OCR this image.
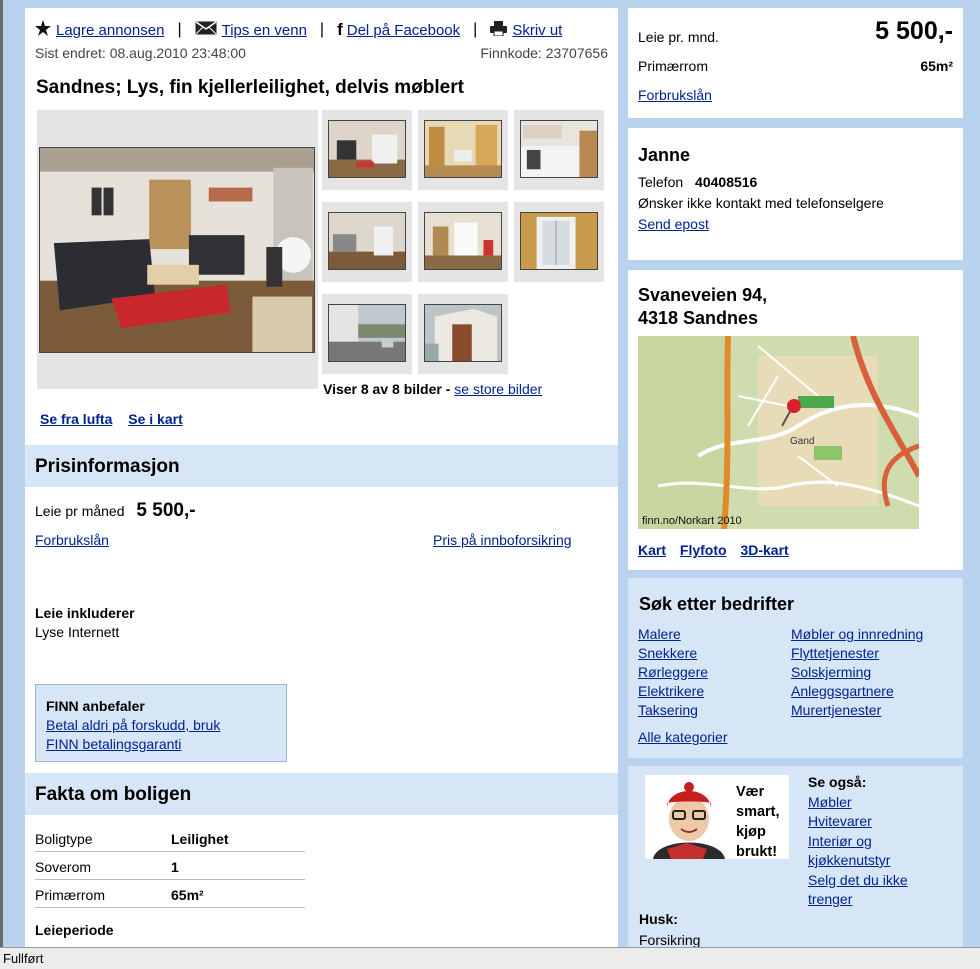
Lagre annonsen |	Tips en venn | f Del på Facebook | Skriv ut
Sist endret: 08.aug.2010 23:48:00	Finnkode: 23707656
Sandnes; Lys, fin kjellerleilighet, delvis møblert
Viser 8 av 8 bilder - se store bilder
Se fra lufta Se i kart
Prisinformasjon
Leie pr måned 5 500,-
Forbrukslån	Pris på innboforsikring
Leie inkluderer
Lyse Internett
FINN anbefaler
Betal aldri på forskudd, bruk
FINN betalingsgaranti
Fakta om boligen
Boligtype	Leilighet
Soverom	1
Primærrom	65m²
Leieperiode
Leie pr. mnd.	5 500,-
Primærrom	65m²
Forbrukslån
Janne
Telefon 40408516
Ønsker ikke kontakt med telefonselgere
Send epost
Svaneveien 94,
4318 Sandnes
Gand
finn.no/Norkart 2010
Kart Flyfoto 3D-kart
Søk etter bedrifter
Malere
Snekkere
Rørleggere
Elektrikere
Taksering
Møbler og innredning
Flyttetjenester
Solskjerming
Anleggsgartnere
Murertjenester
Alle kategorier
Vær
smart,
kjøp
brukt!
Se også:
Møbler
Hvitevarer
Interiør og
kjøkkenutstyr
Selg det du ikke
trenger
Husk:
Forsikring
Fullført
